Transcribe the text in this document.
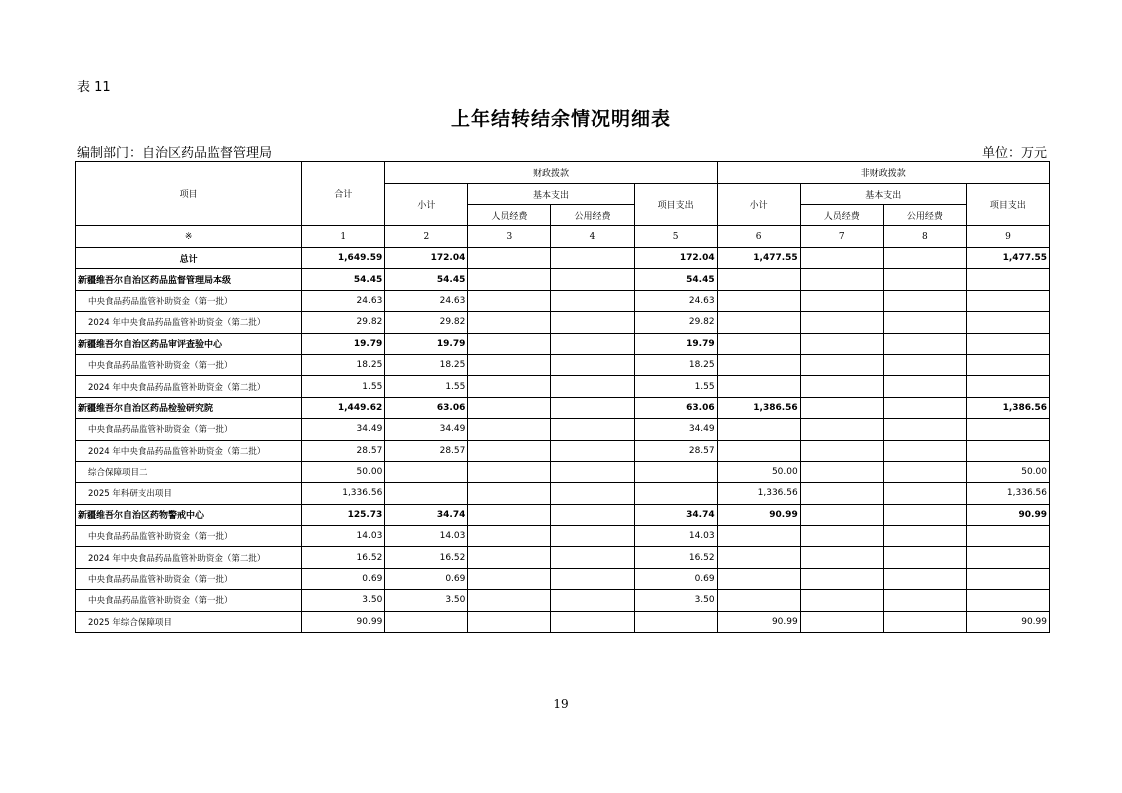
表 11
上年结转结余情况明细表
编制部门：自治区药品监督管理局	单位：万元
项目	合计	财政拨款				非财政拨款			
		小计	基本支出		项目支出	小计	基本支出		项目支出
			人员经费	公用经费			人员经费	公用经费	
※	1	2	3	4	5	6	7	8	9
总计	1,649.59	172.04			172.04	1,477.55			1,477.55
新疆维吾尔自治区药品监督管理局本级	54.45	54.45			54.45				
中央食品药品监管补助资金（第一批）	24.63	24.63			24.63				
2024 年中央食品药品监管补助资金（第二批）	29.82	29.82			29.82				
新疆维吾尔自治区药品审评查验中心	19.79	19.79			19.79				
中央食品药品监管补助资金（第一批）	18.25	18.25			18.25				
2024 年中央食品药品监管补助资金（第二批）	1.55	1.55			1.55				
新疆维吾尔自治区药品检验研究院	1,449.62	63.06			63.06	1,386.56			1,386.56
中央食品药品监管补助资金（第一批）	34.49	34.49			34.49				
2024 年中央食品药品监管补助资金（第二批）	28.57	28.57			28.57				
综合保障项目二	50.00					50.00			50.00
2025 年科研支出项目	1,336.56					1,336.56			1,336.56
新疆维吾尔自治区药物警戒中心	125.73	34.74			34.74	90.99			90.99
中央食品药品监管补助资金（第一批）	14.03	14.03			14.03				
2024 年中央食品药品监管补助资金（第二批）	16.52	16.52			16.52				
中央食品药品监管补助资金（第一批）	0.69	0.69			0.69				
中央食品药品监管补助资金（第一批）	3.50	3.50			3.50				
2025 年综合保障项目	90.99					90.99			90.99
19
